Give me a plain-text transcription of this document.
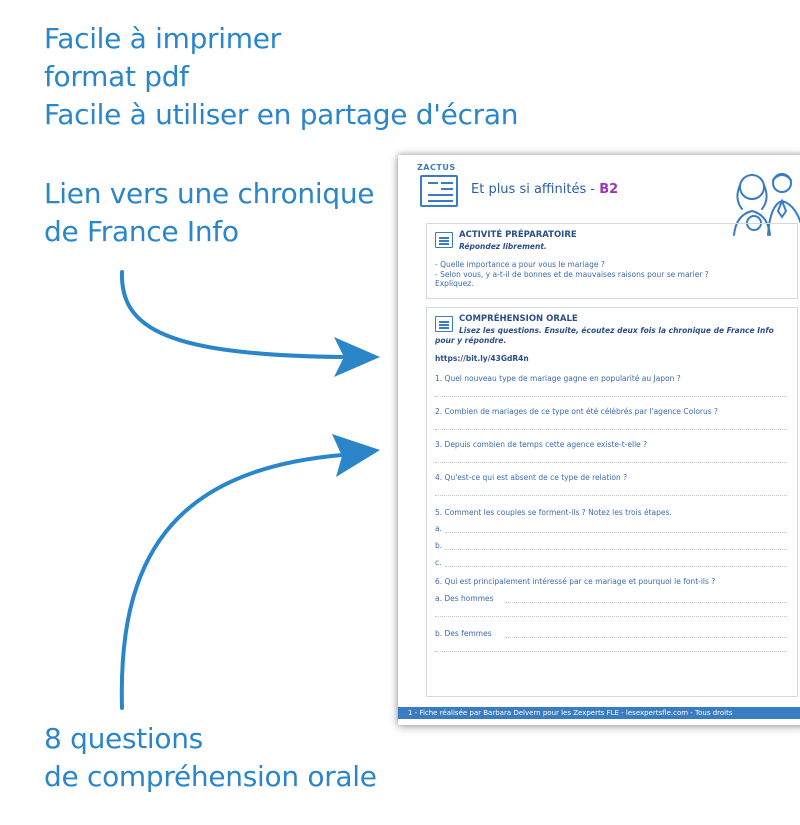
Facile à imprimer
format pdf
Facile à utiliser en partage d'écran
Lien vers une chronique
de France Info
8 questions
de compréhension orale
ZACTUS
Et plus si affinités - B2
ACTIVITÉ PRÉPARATOIRE
Répondez librement.
- Quelle importance a pour vous le mariage ?
- Selon vous, y a-t-il de bonnes et de mauvaises raisons pour se marier ?
Expliquez.
COMPRÉHENSION ORALE
Lisez les questions. Ensuite, écoutez deux fois la chronique de France Info
pour y répondre.
https://bit.ly/43GdR4n
1. Quel nouveau type de mariage gagne en popularité au Japon ?
2. Combien de mariages de ce type ont été célébrés par l'agence Colorus ?
3. Depuis combien de temps cette agence existe-t-elle ?
4. Qu'est-ce qui est absent de ce type de relation ?
5. Comment les couples se forment-ils ? Notez les trois étapes.
a.
b.
c.
6. Qui est principalement intéressé par ce mariage et pourquoi le font-ils ?
a. Des hommes
b. Des femmes
1 - Fiche réalisée par Barbara Delvern pour les Zexperts FLE - lesexpertsfle.com - Tous droits
